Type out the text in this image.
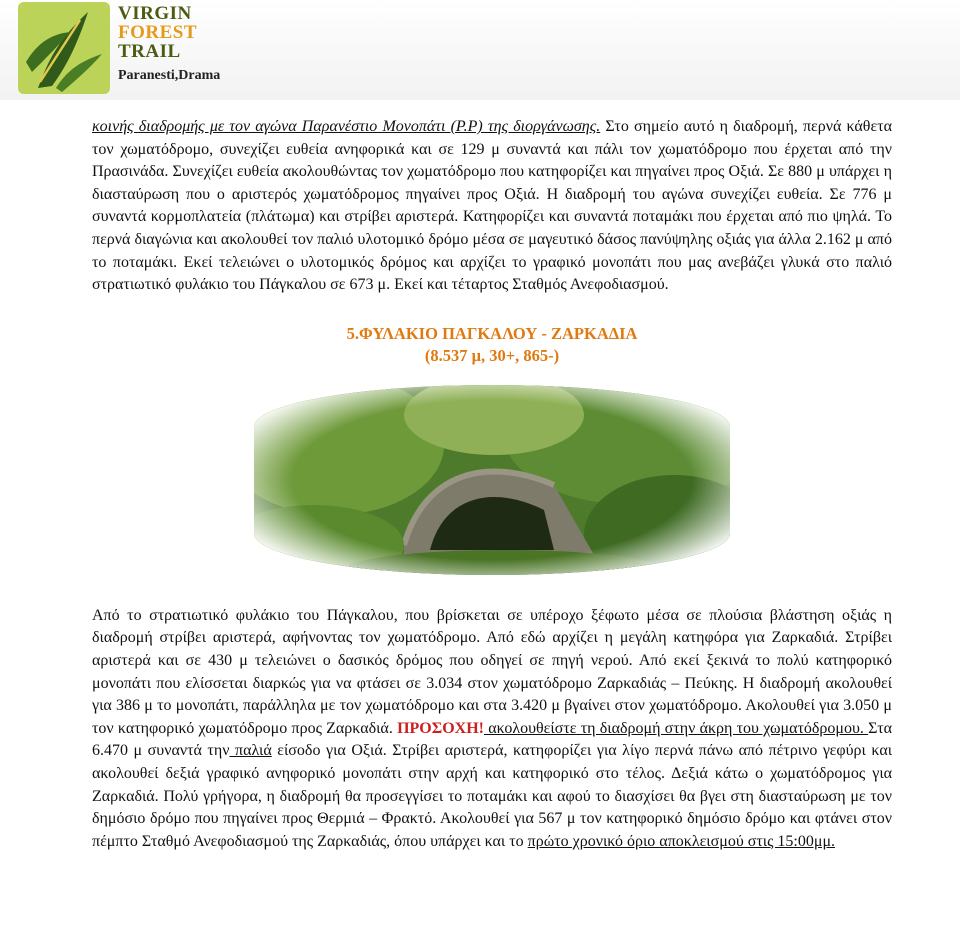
VIRGIN
FOREST
TRAIL
Paranesti,Drama

κοινής διαδρομής με τον αγώνα Παρανέστιο Μονοπάτι (Ρ.Ρ) της διοργάνωσης. Στο σημείο αυτό η διαδρομή, περνά κάθετα τον χωματόδρομο, συνεχίζει ευθεία ανηφορικά και σε 129 μ συναντά και πάλι τον χωματόδρομο που έρχεται από την Πρασινάδα. Συνεχίζει ευθεία ακολουθώντας τον χωματόδρομο που κατηφορίζει και πηγαίνει προς Οξιά. Σε 880 μ υπάρχει η διασταύρωση που ο αριστερός χωματόδρομος πηγαίνει προς Οξιά. Η διαδρομή του αγώνα συνεχίζει ευθεία. Σε 776 μ συναντά κορμοπλατεία (πλάτωμα) και στρίβει αριστερά. Κατηφορίζει και συναντά ποταμάκι που έρχεται από πιο ψηλά. Το περνά διαγώνια και ακολουθεί τον παλιό υλοτομικό δρόμο μέσα σε μαγευτικό δάσος πανύψηλης οξιάς για άλλα 2.162 μ από το ποταμάκι. Εκεί τελειώνει ο υλοτομικός δρόμος και αρχίζει το γραφικό μονοπάτι που μας ανεβάζει γλυκά στο παλιό στρατιωτικό φυλάκιο του Πάγκαλου σε 673 μ. Εκεί και τέταρτος Σταθμός Ανεφοδιασμού.

5.ΦΥΛΑΚΙΟ ΠΑΓΚΑΛΟΥ - ΖΑΡΚΑΔΙΑ
(8.537 μ, 30+, 865-)

Από το στρατιωτικό φυλάκιο του Πάγκαλου, που βρίσκεται σε υπέροχο ξέφωτο μέσα σε πλούσια βλάστηση οξιάς η διαδρομή στρίβει αριστερά, αφήνοντας τον χωματόδρομο. Από εδώ αρχίζει η μεγάλη κατηφόρα για Ζαρκαδιά. Στρίβει αριστερά και σε 430 μ τελειώνει ο δασικός δρόμος που οδηγεί σε πηγή νερού. Από εκεί ξεκινά το πολύ κατηφορικό μονοπάτι που ελίσσεται διαρκώς για να φτάσει σε 3.034 στον χωματόδρομο Ζαρκαδιάς – Πεύκης. Η διαδρομή ακολουθεί για 386 μ το μονοπάτι, παράλληλα με τον χωματόδρομο και στα 3.420 μ βγαίνει στον χωματόδρομο. Ακολουθεί για 3.050 μ τον κατηφορικό χωματόδρομο προς Ζαρκαδιά. ΠΡΟΣΟΧΗ! ακολουθείστε τη διαδρομή στην άκρη του χωματόδρομου. Στα 6.470 μ συναντά την παλιά είσοδο για Οξιά. Στρίβει αριστερά, κατηφορίζει για λίγο περνά πάνω από πέτρινο γεφύρι και ακολουθεί δεξιά γραφικό ανηφορικό μονοπάτι στην αρχή και κατηφορικό στο τέλος. Δεξιά κάτω ο χωματόδρομος για Ζαρκαδιά. Πολύ γρήγορα, η διαδρομή θα προσεγγίσει το ποταμάκι και αφού το διασχίσει θα βγει στη διασταύρωση με τον δημόσιο δρόμο που πηγαίνει προς Θερμιά – Φρακτό. Ακολουθεί για 567 μ τον κατηφορικό δημόσιο δρόμο και φτάνει στον πέμπτο Σταθμό Ανεφοδιασμού της Ζαρκαδιάς, όπου υπάρχει και το πρώτο χρονικό όριο αποκλεισμού στις 15:00μμ.
